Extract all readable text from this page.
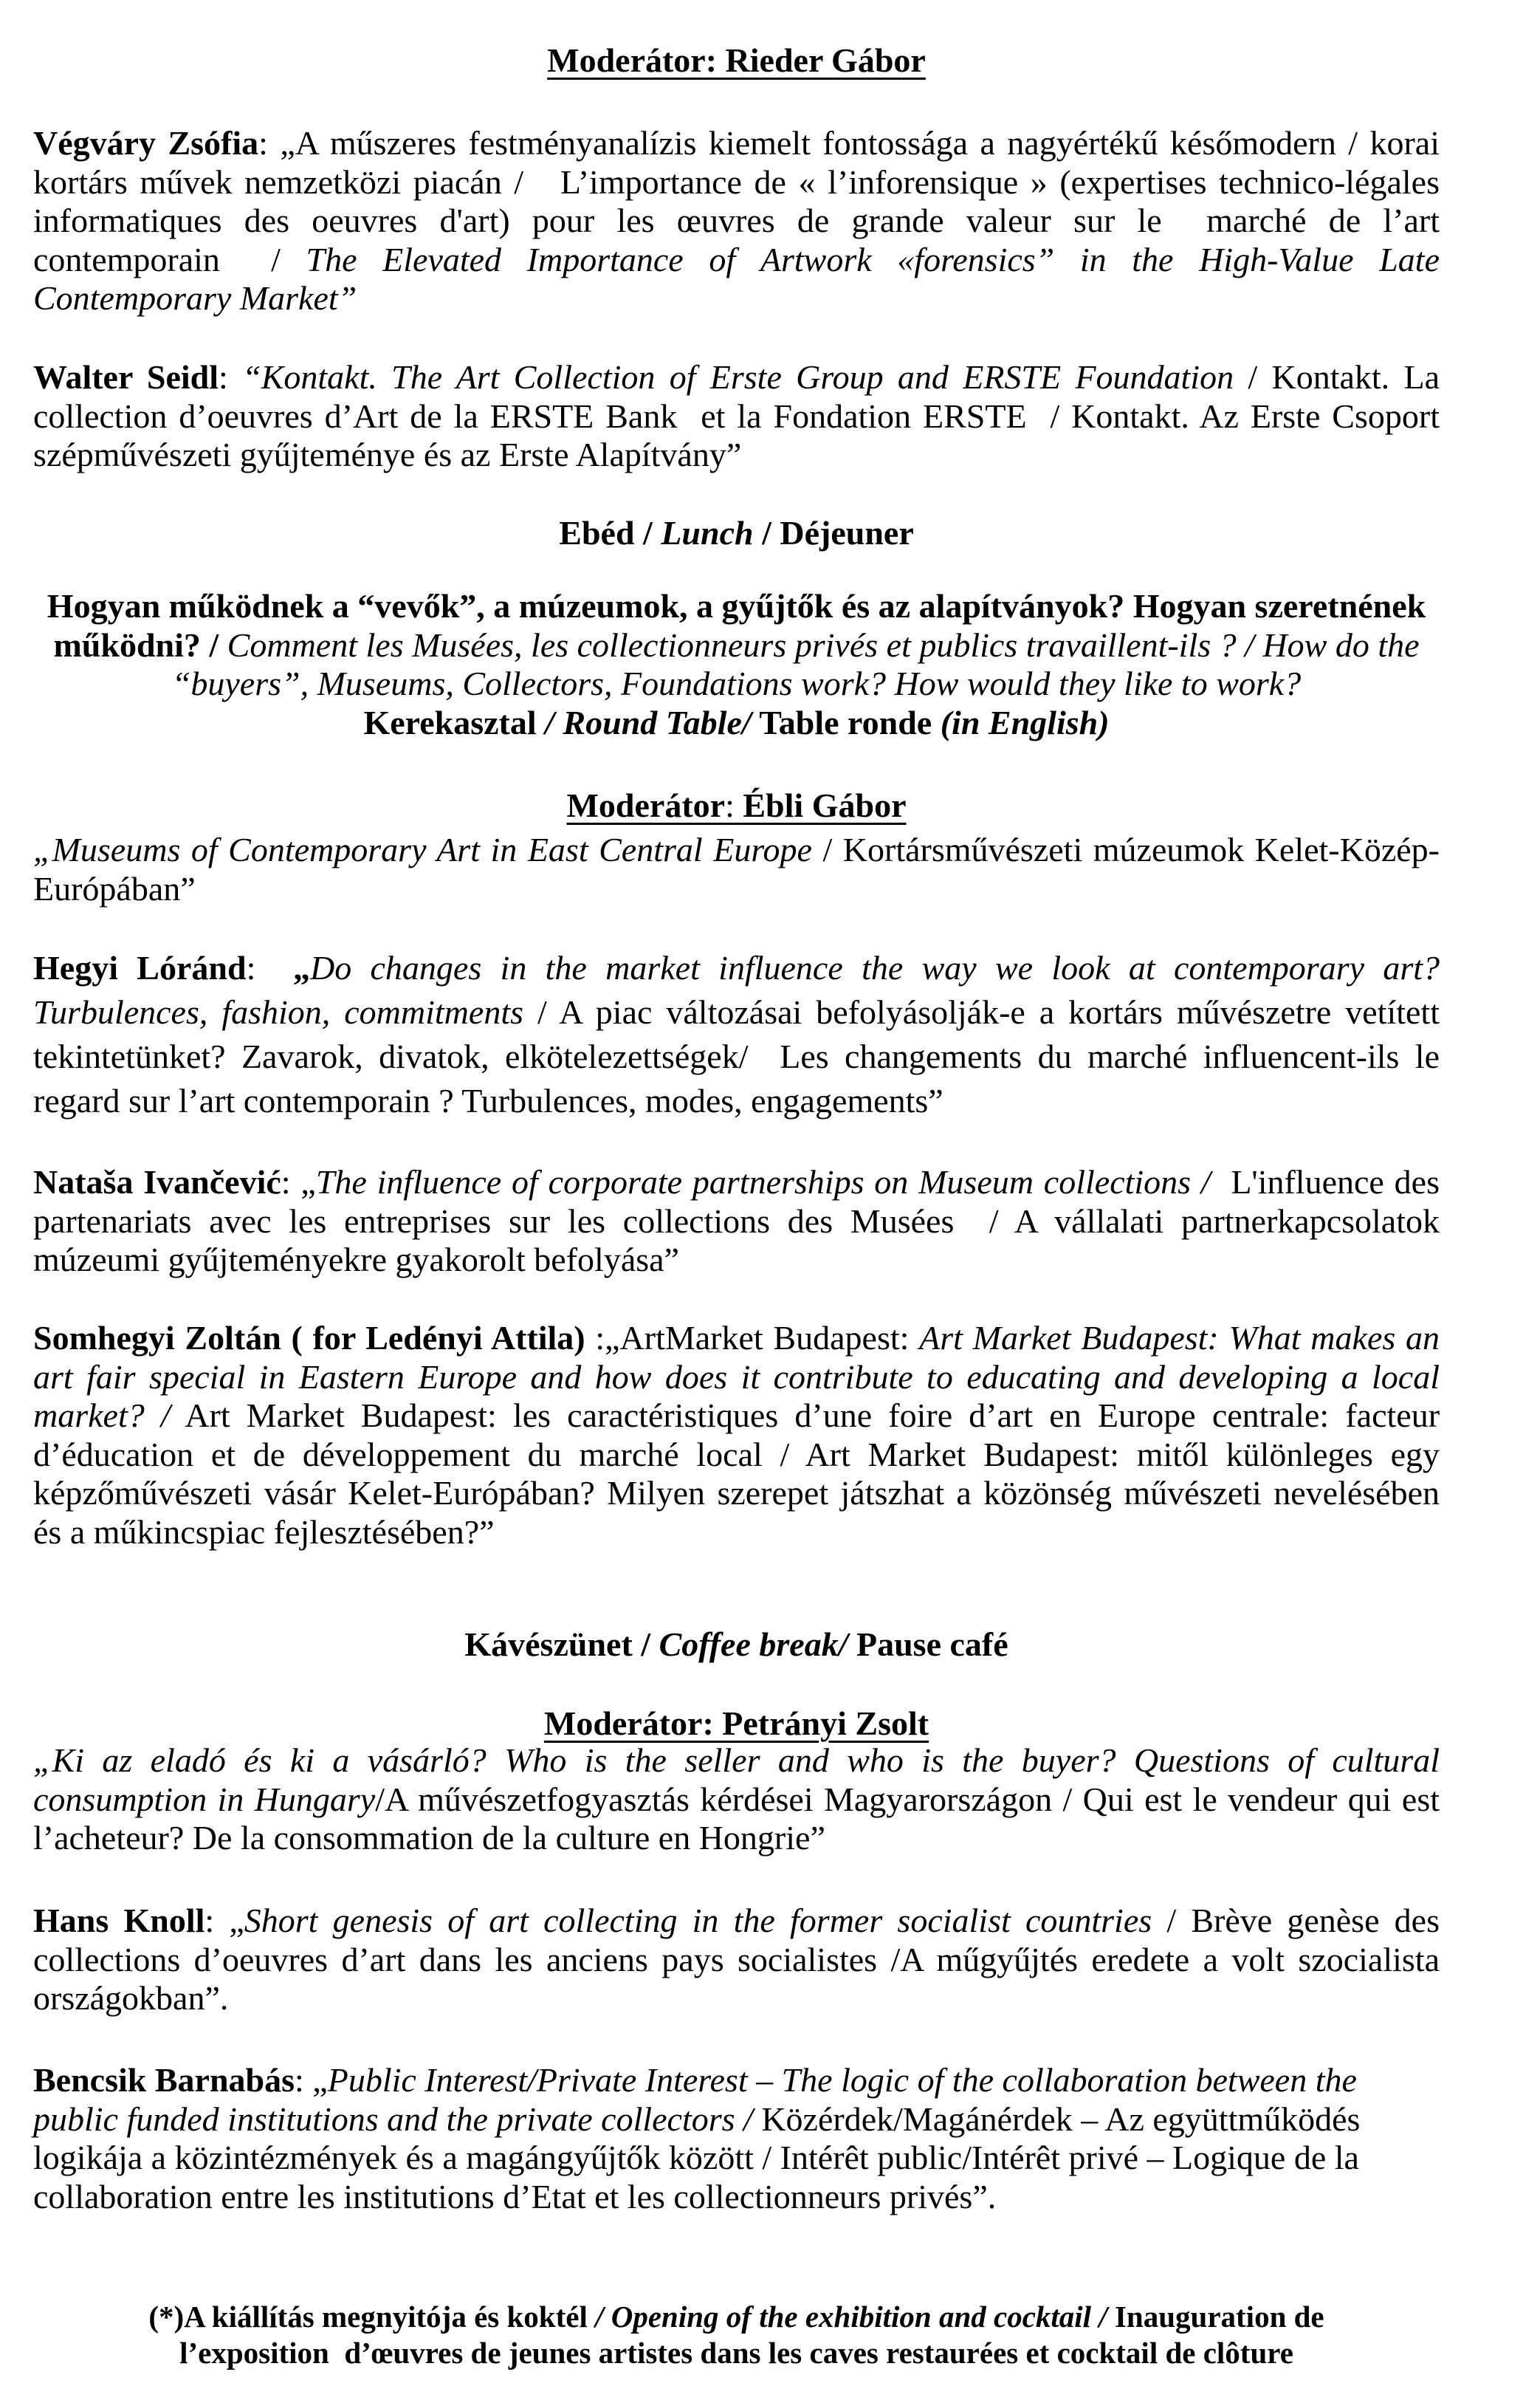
Moderátor: Rieder Gábor
Végváry Zsófia: „A műszeres festményanalízis kiemelt fontossága a nagyértékű későmodern / korai
kortárs művek nemzetközi piacán /   L’importance de « l’inforensique » (expertises technico-légales
informatiques des oeuvres d'art) pour les œuvres de grande valeur sur le  marché de l’art
contemporain  / The Elevated Importance of Artwork «forensics” in the High-Value Late
Contemporary Market”
Walter Seidl: “Kontakt. The Art Collection of Erste Group and ERSTE Foundation / Kontakt. La
collection d’oeuvres d’Art de la ERSTE Bank  et la Fondation ERSTE  / Kontakt. Az Erste Csoport
szépművészeti gyűjteménye és az Erste Alapítvány”
Ebéd / Lunch / Déjeuner
Hogyan működnek a “vevők”, a múzeumok, a gyűjtők és az alapítványok? Hogyan szeretnének
működni? / Comment les Musées, les collectionneurs privés et publics travaillent-ils ? / How do the
“buyers”, Museums, Collectors, Foundations work? How would they like to work?
Kerekasztal / Round Table/ Table ronde (in English)
Moderátor: Ébli Gábor
„Museums of Contemporary Art in East Central Europe / Kortársművészeti múzeumok Kelet-Közép-
Európában”
Hegyi Lóránd:  „Do changes in the market influence the way we look at contemporary art?
Turbulences, fashion, commitments / A piac változásai befolyásolják-e a kortárs művészetre vetített
tekintetünket? Zavarok, divatok, elkötelezettségek/  Les changements du marché influencent-ils le
regard sur l’art contemporain ? Turbulences, modes, engagements”
Nataša Ivančević: „The influence of corporate partnerships on Museum collections /  L'influence des
partenariats avec les entreprises sur les collections des Musées  / A vállalati partnerkapcsolatok
múzeumi gyűjteményekre gyakorolt befolyása”
Somhegyi Zoltán ( for Ledényi Attila) :„ArtMarket Budapest: Art Market Budapest: What makes an
art fair special in Eastern Europe and how does it contribute to educating and developing a local
market? / Art Market Budapest: les caractéristiques d’une foire d’art en Europe centrale: facteur
d’éducation et de développement du marché local / Art Market Budapest: mitől különleges egy
képzőművészeti vásár Kelet-Európában? Milyen szerepet játszhat a közönség művészeti nevelésében
és a műkincspiac fejlesztésében?”
Kávészünet / Coffee break/ Pause café
Moderátor: Petrányi Zsolt
„Ki az eladó és ki a vásárló? Who is the seller and who is the buyer? Questions of cultural
consumption in Hungary/A művészetfogyasztás kérdései Magyarországon / Qui est le vendeur qui est
l’acheteur? De la consommation de la culture en Hongrie”
Hans Knoll: „Short genesis of art collecting in the former socialist countries / Brève genèse des
collections d’oeuvres d’art dans les anciens pays socialistes /A műgyűjtés eredete a volt szocialista
országokban”.
Bencsik Barnabás: „Public Interest/Private Interest – The logic of the collaboration between the
public funded institutions and the private collectors / Közérdek/Magánérdek – Az együttműködés
logikája a közintézmények és a magángyűjtők között / Intérêt public/Intérêt privé – Logique de la
collaboration entre les institutions d’Etat et les collectionneurs privés”.
(*)A kiállítás megnyitója és koktél / Opening of the exhibition and cocktail / Inauguration de
l’exposition  d’œuvres de jeunes artistes dans les caves restaurées et cocktail de clôture
